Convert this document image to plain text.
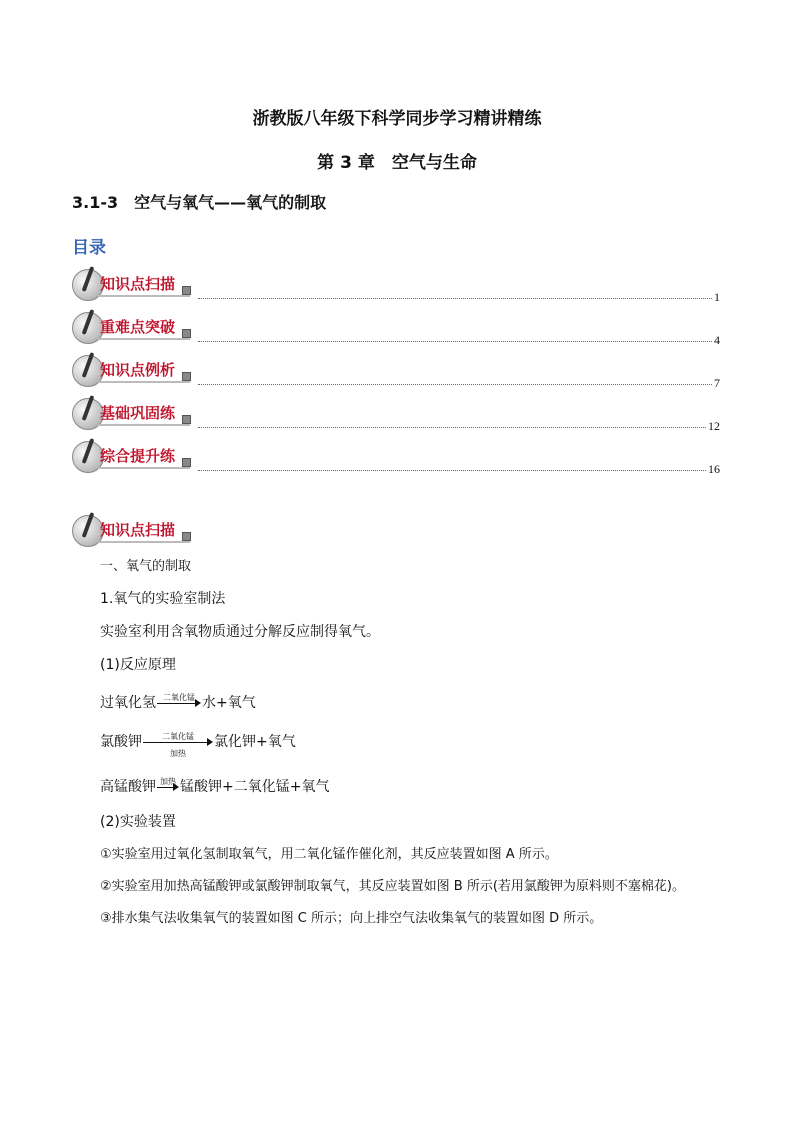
浙教版八年级下科学同步学习精讲精练
第 3 章　空气与生命
3.1-3　空气与氧气——氧气的制取
目录
知识点扫描
1
重难点突破
4
知识点例析
7
基础巩固练
12
综合提升练
16
知识点扫描
一、氧气的制取
1.氧气的实验室制法
实验室利用含氧物质通过分解反应制得氧气。
(1)反应原理
过氧化氢 二氧化锰 水+氧气
氯酸钾	二氧化锰
加热
氯化钾+氧气
高锰酸钾 加热 锰酸钾+二氧化锰+氧气
(2)实验装置
①实验室用过氧化氢制取氧气，用二氧化锰作催化剂，其反应装置如图 A 所示。
②实验室用加热高锰酸钾或氯酸钾制取氧气，其反应装置如图 B 所示(若用氯酸钾为原料则不塞棉花)。
③排水集气法收集氧气的装置如图 C 所示；向上排空气法收集氧气的装置如图 D 所示。
